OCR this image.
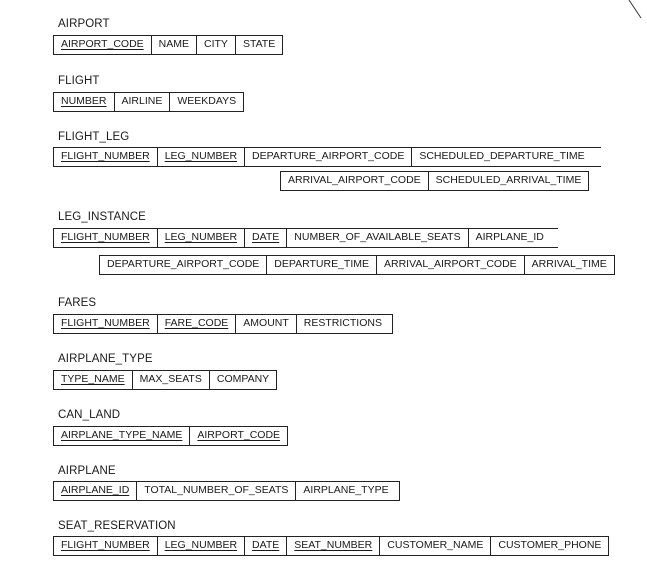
AIRPORT
AIRPORT_CODE	NAME	CITY	STATE
FLIGHT
NUMBER	AIRLINE	WEEKDAYS
FLIGHT_LEG
FLIGHT_NUMBER	LEG_NUMBER	DEPARTURE_AIRPORT_CODE	SCHEDULED_DEPARTURE_TIME
ARRIVAL_AIRPORT_CODE	SCHEDULED_ARRIVAL_TIME
LEG_INSTANCE
FLIGHT_NUMBER	LEG_NUMBER	DATE	NUMBER_OF_AVAILABLE_SEATS	AIRPLANE_ID
DEPARTURE_AIRPORT_CODE	DEPARTURE_TIME	ARRIVAL_AIRPORT_CODE	ARRIVAL_TIME
FARES
FLIGHT_NUMBER	FARE_CODE	AMOUNT	RESTRICTIONS
AIRPLANE_TYPE
TYPE_NAME	MAX_SEATS	COMPANY
CAN_LAND
AIRPLANE_TYPE_NAME	AIRPORT_CODE
AIRPLANE
AIRPLANE_ID	TOTAL_NUMBER_OF_SEATS	AIRPLANE_TYPE
SEAT_RESERVATION
FLIGHT_NUMBER	LEG_NUMBER	DATE	SEAT_NUMBER	CUSTOMER_NAME	CUSTOMER_PHONE
